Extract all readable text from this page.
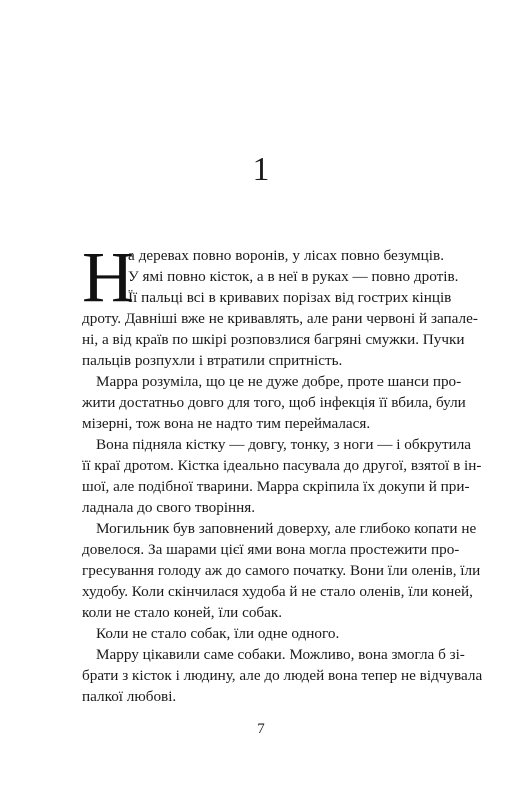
1
Н
а деревах повно воронів, у лісах повно безумців.
У ямі повно кісток, а в неї в руках — повно дротів.
Її пальці всі в кривавих порізах від гострих кінців
дроту. Давніші вже не кривавлять, але рани червоні й запале-
ні, а від країв по шкірі розповзлися багряні смужки. Пучки
пальців розпухли і втратили спритність.
Марра розуміла, що це не дуже добре, проте шанси про-
жити достатньо довго для того, щоб інфекція її вбила, були
мізерні, тож вона не надто тим переймалася.
Вона підняла кістку — довгу, тонку, з ноги — і обкрутила
її краї дротом. Кістка ідеально пасувала до другої, взятої в ін-
шої, але подібної тварини. Марра скріпила їх докупи й при-
ладнала до свого творіння.
Могильник був заповнений доверху, але глибоко копати не
довелося. За шарами цієї ями вона могла простежити про-
гресування голоду аж до самого початку. Вони їли оленів, їли
худобу. Коли скінчилася худоба й не стало оленів, їли коней,
коли не стало коней, їли собак.
Коли не стало собак, їли одне одного.
Марру цікавили саме собаки. Можливо, вона змогла б зі-
брати з кісток і людину, але до людей вона тепер не відчувала
палкої любові.
7
